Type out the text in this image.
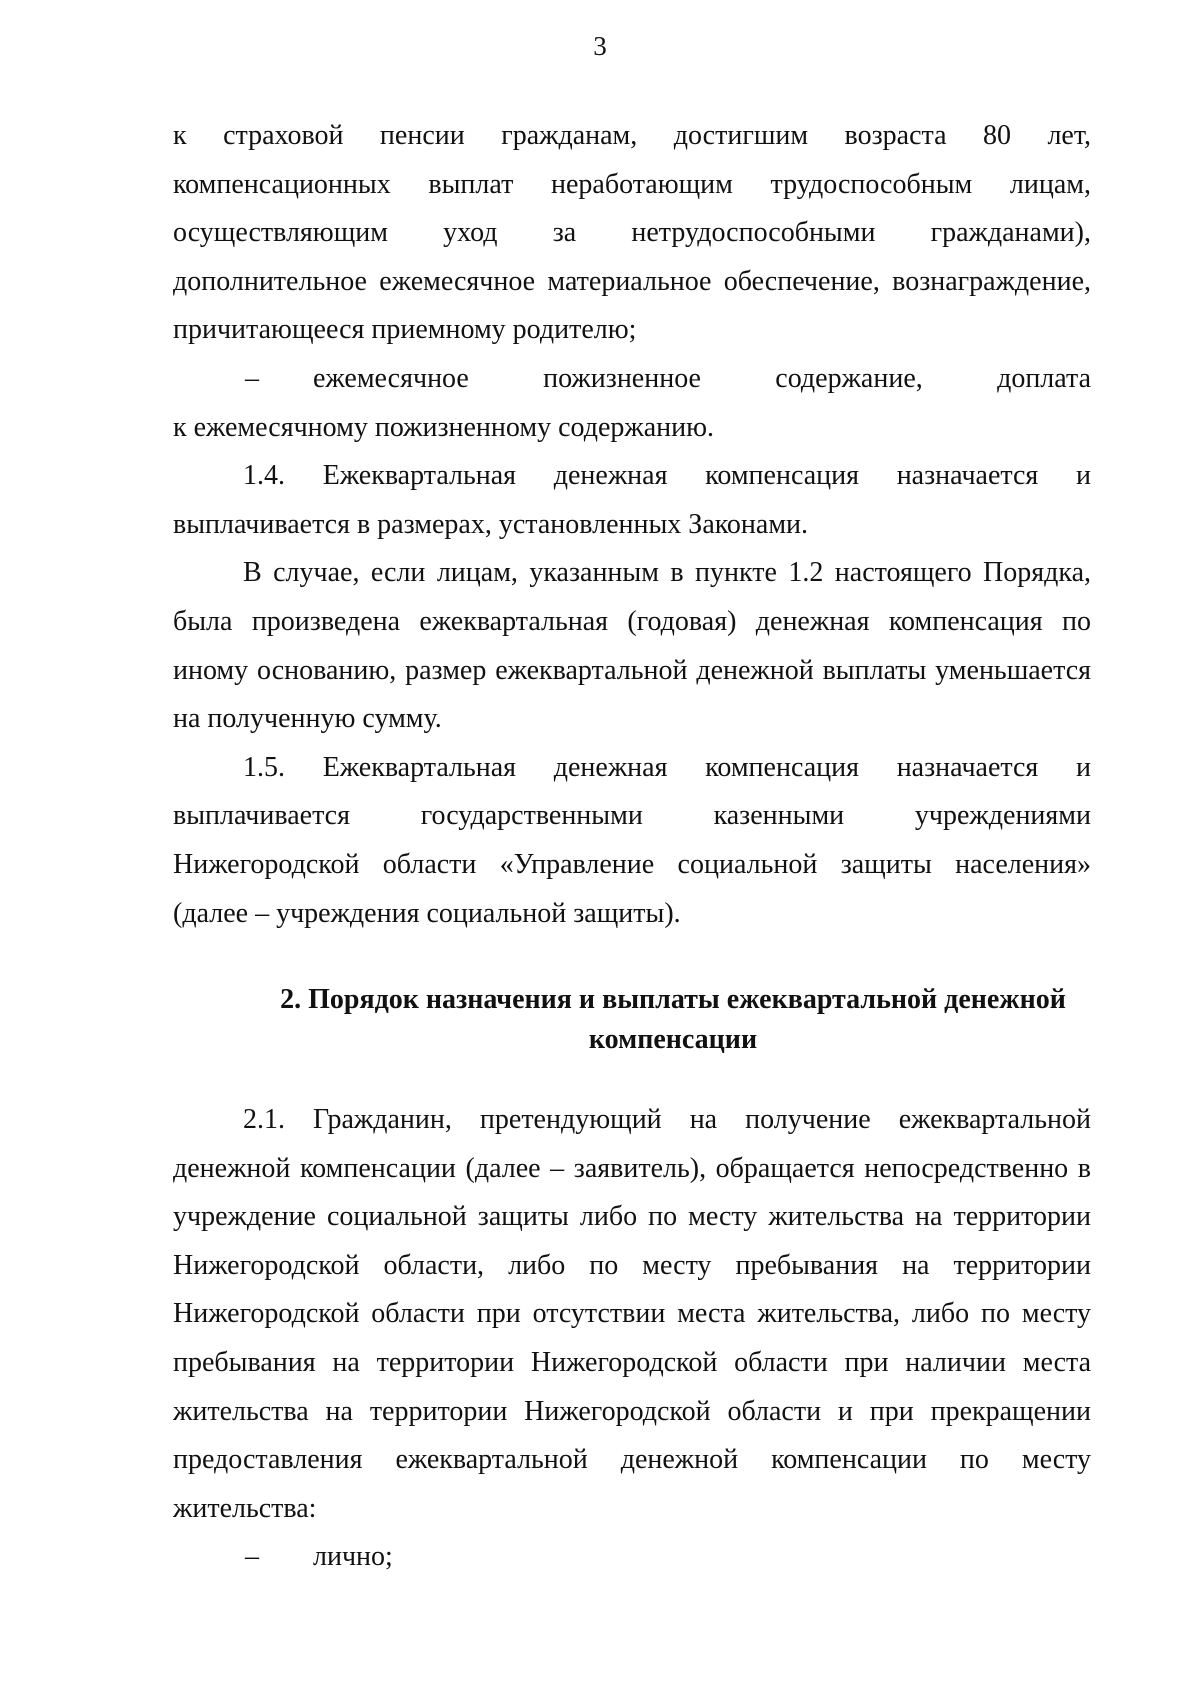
3

к страховой пенсии гражданам, достигшим возраста 80 лет, компенсационных выплат неработающим трудоспособным лицам, осуществляющим уход за нетрудоспособными гражданами), дополнительное ежемесячное материальное обеспечение, вознаграждение, причитающееся приемному родителю;

–	ежемесячное пожизненное содержание, доплата

к ежемесячному пожизненному содержанию.

1.4. Ежеквартальная денежная компенсация назначается и выплачивается в размерах, установленных Законами.

В случае, если лицам, указанным в пункте 1.2 настоящего Порядка, была произведена ежеквартальная (годовая) денежная компенсация по иному основанию, размер ежеквартальной денежной выплаты уменьшается на полученную сумму.

1.5. Ежеквартальная денежная компенсация назначается и выплачивается государственными казенными учреждениями Нижегородской области «Управление социальной защиты населения» (далее – учреждения социальной защиты).

2. Порядок назначения и выплаты ежеквартальной денежной
компенсации

2.1. Гражданин, претендующий на получение ежеквартальной денежной компенсации (далее – заявитель), обращается непосредственно в учреждение социальной защиты либо по месту жительства на территории Нижегородской области, либо по месту пребывания на территории Нижегородской области при отсутствии места жительства, либо по месту пребывания на территории Нижегородской области при наличии места жительства на территории Нижегородской области и при прекращении предоставления ежеквартальной денежной компенсации по месту жительства:

–	лично;
